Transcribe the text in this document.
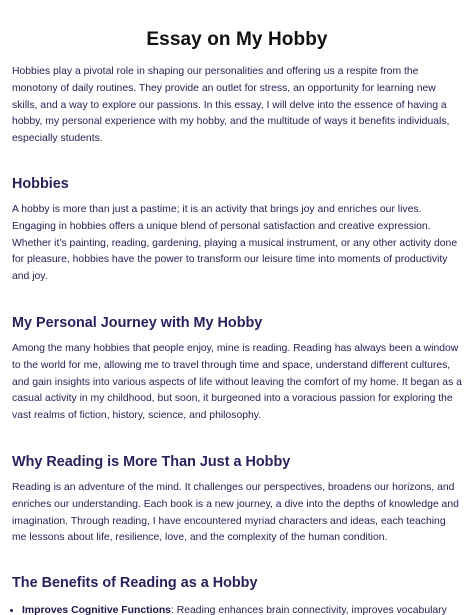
Essay on My Hobby

Hobbies play a pivotal role in shaping our personalities and offering us a respite from the monotony of daily routines. They provide an outlet for stress, an opportunity for learning new skills, and a way to explore our passions. In this essay, I will delve into the essence of having a hobby, my personal experience with my hobby, and the multitude of ways it benefits individuals, especially students.

Hobbies

A hobby is more than just a pastime; it is an activity that brings joy and enriches our lives. Engaging in hobbies offers a unique blend of personal satisfaction and creative expression. Whether it’s painting, reading, gardening, playing a musical instrument, or any other activity done for pleasure, hobbies have the power to transform our leisure time into moments of productivity and joy.

My Personal Journey with My Hobby

Among the many hobbies that people enjoy, mine is reading. Reading has always been a window to the world for me, allowing me to travel through time and space, understand different cultures, and gain insights into various aspects of life without leaving the comfort of my home. It began as a casual activity in my childhood, but soon, it burgeoned into a voracious passion for exploring the vast realms of fiction, history, science, and philosophy.

Why Reading is More Than Just a Hobby

Reading is an adventure of the mind. It challenges our perspectives, broadens our horizons, and enriches our understanding. Each book is a new journey, a dive into the depths of knowledge and imagination. Through reading, I have encountered myriad characters and ideas, each teaching me lessons about life, resilience, love, and the complexity of the human condition.

The Benefits of Reading as a Hobby
• Improves Cognitive Functions: Reading enhances brain connectivity, improves vocabulary
